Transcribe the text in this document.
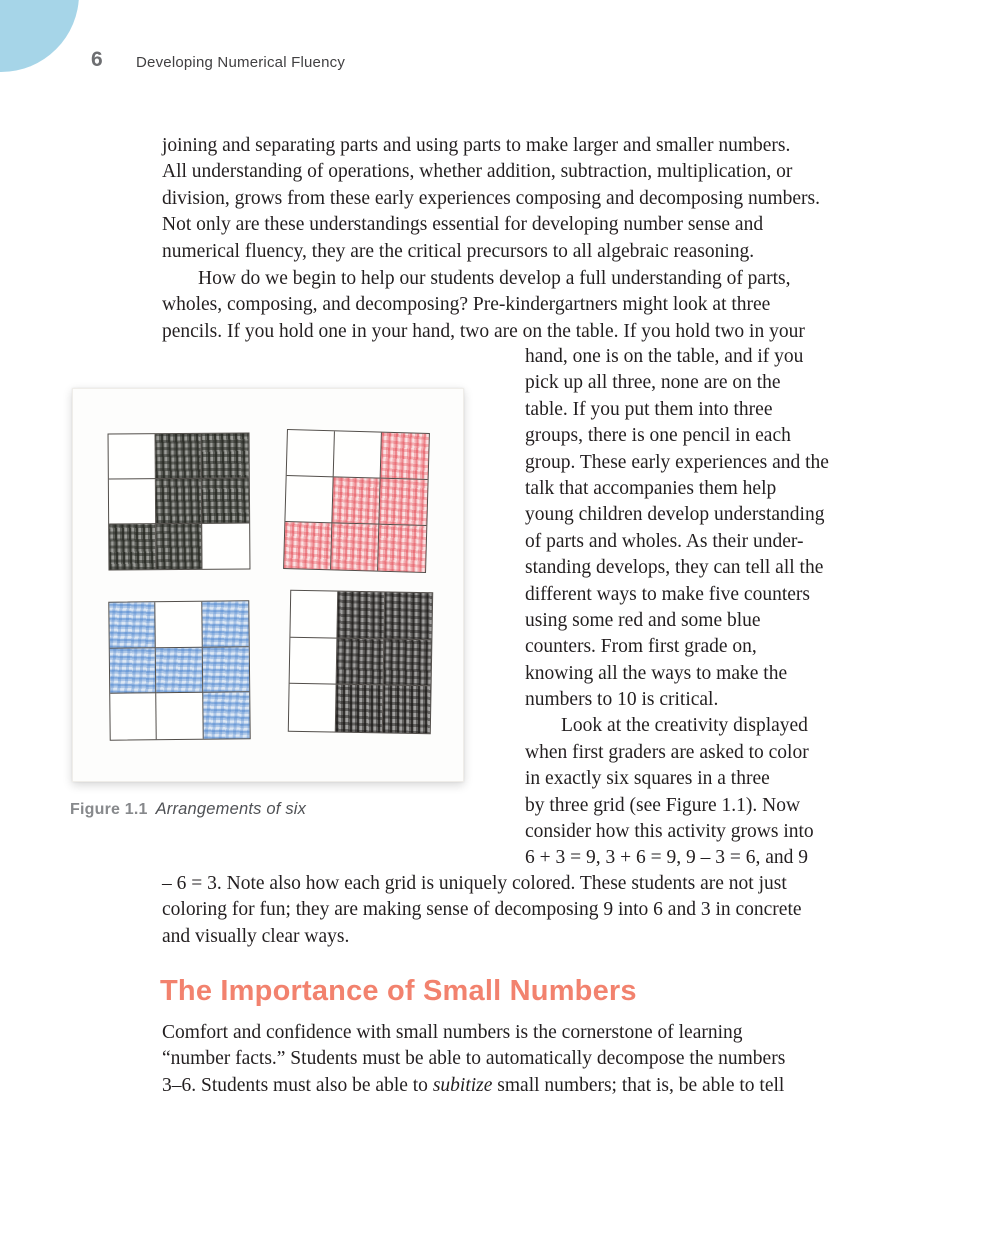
6 Developing Numerical Fluency
joining and separating parts and using parts to make larger and smaller numbers.
All understanding of operations, whether addition, subtraction, multiplication, or
division, grows from these early experiences composing and decomposing numbers.
Not only are these understandings essential for developing number sense and
numerical fluency, they are the critical precursors to all algebraic reasoning.
How do we begin to help our students develop a full understanding of parts,
wholes, composing, and decomposing? Pre-kindergartners might look at three
pencils. If you hold one in your hand, two are on the table. If you hold two in your
hand, one is on the table, and if you
pick up all three, none are on the
table. If you put them into three
groups, there is one pencil in each
group. These early experiences and the
talk that accompanies them help
young children develop understanding
of parts and wholes. As their under-
standing develops, they can tell all the
different ways to make five counters
using some red and some blue
counters. From first grade on,
knowing all the ways to make the
numbers to 10 is critical.
Look at the creativity displayed
when first graders are asked to color
in exactly six squares in a three
by three grid (see Figure 1.1). Now
consider how this activity grows into
6 + 3 = 9, 3 + 6 = 9, 9 – 3 = 6, and 9
Figure 1.1 Arrangements of six
– 6 = 3. Note also how each grid is uniquely colored. These students are not just
coloring for fun; they are making sense of decomposing 9 into 6 and 3 in concrete
and visually clear ways.
The Importance of Small Numbers
Comfort and confidence with small numbers is the cornerstone of learning
“number facts.” Students must be able to automatically decompose the numbers
3–6. Students must also be able to subitize small numbers; that is, be able to tell
